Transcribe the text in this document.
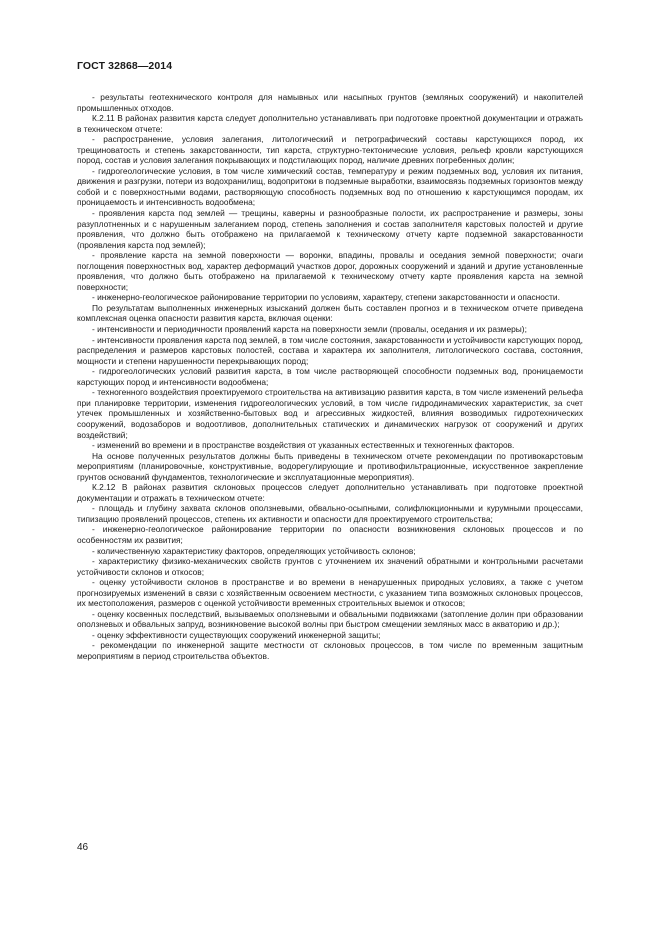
ГОСТ 32868—2014

- результаты геотехнического контроля для намывных или насыпных грунтов (земляных сооружений) и накопителей промышленных отходов.

К.2.11 В районах развития карста следует дополнительно устанавливать при подготовке проектной документации и отражать в техническом отчете:

- распространение, условия залегания, литологический и петрографический составы карстующихся пород, их трещиноватость и степень закарстованности, тип карста, структурно-тектонические условия, рельеф кровли карстующихся пород, состав и условия залегания покрывающих и подстилающих пород, наличие древних погребенных долин;

- гидрогеологические условия, в том числе химический состав, температуру и режим подземных вод, условия их питания, движения и разгрузки, потери из водохранилищ, водопритоки в подземные выработки, взаимосвязь подземных горизонтов между собой и с поверхностными водами, растворяющую способность подземных вод по отношению к карстующимся породам, их проницаемость и интенсивность водообмена;

- проявления карста под землей — трещины, каверны и разнообразные полости, их распространение и размеры, зоны разуплотненных и с нарушенным залеганием пород, степень заполнения и состав заполнителя карстовых полостей и другие проявления, что должно быть отображено на прилагаемой к техническому отчету карте подземной закарстованности (проявления карста под землей);

- проявление карста на земной поверхности — воронки, впадины, провалы и оседания земной поверхности; очаги поглощения поверхностных вод, характер деформаций участков дорог, дорожных сооружений и зданий и другие установленные проявления, что должно быть отображено на прилагаемой к техническому отчету карте проявления карста на земной поверхности;

- инженерно-геологическое районирование территории по условиям, характеру, степени закарстованности и опасности.

По результатам выполненных инженерных изысканий должен быть составлен прогноз и в техническом отчете приведена комплексная оценка опасности развития карста, включая оценки:

- интенсивности и периодичности проявлений карста на поверхности земли (провалы, оседания и их размеры);

- интенсивности проявления карста под землей, в том числе состояния, закарстованности и устойчивости карстующих пород, распределения и размеров карстовых полостей, состава и характера их заполнителя, литологического состава, состояния, мощности и степени нарушенности перекрывающих пород;

- гидрогеологических условий развития карста, в том числе растворяющей способности подземных вод, проницаемости карстующих пород и интенсивности водообмена;

- техногенного воздействия проектируемого строительства на активизацию развития карста, в том числе изменений рельефа при планировке территории, изменения гидрогеологических условий, в том числе гидродинамических характеристик, за счет утечек промышленных и хозяйственно-бытовых вод и агрессивных жидкостей, влияния возводимых гидротехнических сооружений, водозаборов и водоотливов, дополнительных статических и динамических нагрузок от сооружений и других воздействий;

- изменений во времени и в пространстве воздействия от указанных естественных и техногенных факторов.

На основе полученных результатов должны быть приведены в техническом отчете рекомендации по противокарстовым мероприятиям (планировочные, конструктивные, водорегулирующие и противофильтрационные, искусственное закрепление грунтов оснований фундаментов, технологические и эксплуатационные мероприятия).

К.2.12 В районах развития склоновых процессов следует дополнительно устанавливать при подготовке проектной документации и отражать в техническом отчете:

- площадь и глубину захвата склонов оползневыми, обвально-осыпными, солифлюкционными и курумными процессами, типизацию проявлений процессов, степень их активности и опасности для проектируемого строительства;

- инженерно-геологическое районирование территории по опасности возникновения склоновых процессов и по особенностям их развития;

- количественную характеристику факторов, определяющих устойчивость склонов;

- характеристику физико-механических свойств грунтов с уточнением их значений обратными и контрольными расчетами устойчивости склонов и откосов;

- оценку устойчивости склонов в пространстве и во времени в ненарушенных природных условиях, а также с учетом прогнозируемых изменений в связи с хозяйственным освоением местности, с указанием типа возможных склоновых процессов, их местоположения, размеров с оценкой устойчивости временных строительных выемок и откосов;

- оценку косвенных последствий, вызываемых оползневыми и обвальными подвижками (затопление долин при образовании оползневых и обвальных запруд, возникновение высокой волны при быстром смещении земляных масс в акваторию и др.);

- оценку эффективности существующих сооружений инженерной защиты;

- рекомендации по инженерной защите местности от склоновых процессов, в том числе по временным защитным мероприятиям в период строительства объектов.

46
